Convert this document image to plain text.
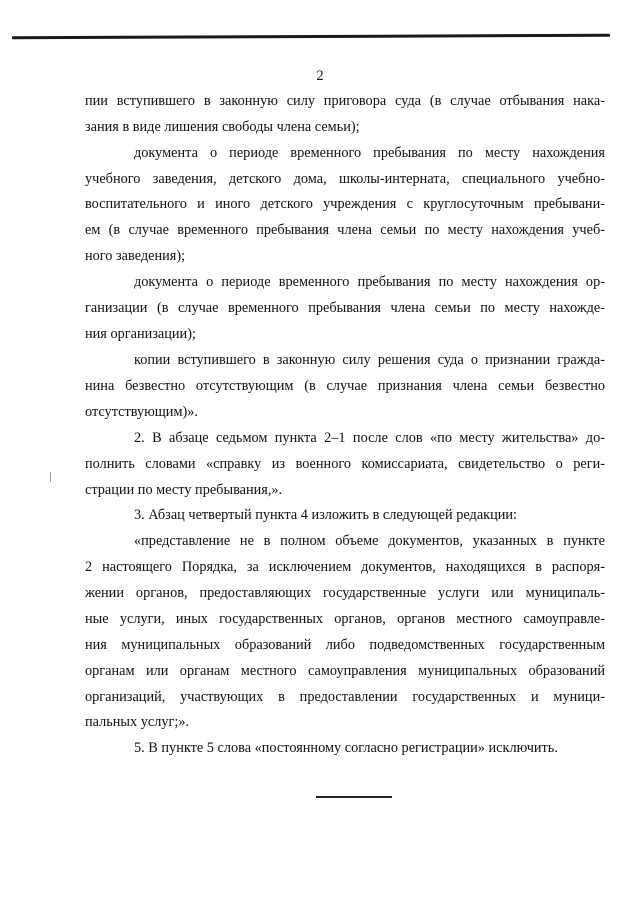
2
пии вступившего в законную силу приговора суда (в случае отбывания нака-
зания в виде лишения свободы члена семьи);
документа о периоде временного пребывания по месту нахождения
учебного заведения, детского дома, школы-интерната, специального учебно-
воспитательного и иного детского учреждения с круглосуточным пребывани-
ем (в случае временного пребывания члена семьи по месту нахождения учеб-
ного заведения);
документа о периоде временного пребывания по месту нахождения ор-
ганизации (в случае временного пребывания члена семьи по месту нахожде-
ния организации);
копии вступившего в законную силу решения суда о признании гражда-
нина безвестно отсутствующим (в случае признания члена семьи безвестно
отсутствующим)».
2. В абзаце седьмом пункта 2–1 после слов «по месту жительства» до-
полнить словами «справку из военного комиссариата, свидетельство о реги-
страции по месту пребывания,».
3. Абзац четвертый пункта 4 изложить в следующей редакции:
«представление не в полном объеме документов, указанных в пункте
2 настоящего Порядка, за исключением документов, находящихся в распоря-
жении органов, предоставляющих государственные услуги или муниципаль-
ные услуги, иных государственных органов, органов местного самоуправле-
ния муниципальных образований либо подведомственных государственным
органам или органам местного самоуправления муниципальных образований
организаций, участвующих в предоставлении государственных и муници-
пальных услуг;».
5. В пункте 5 слова «постоянному согласно регистрации» исключить.
